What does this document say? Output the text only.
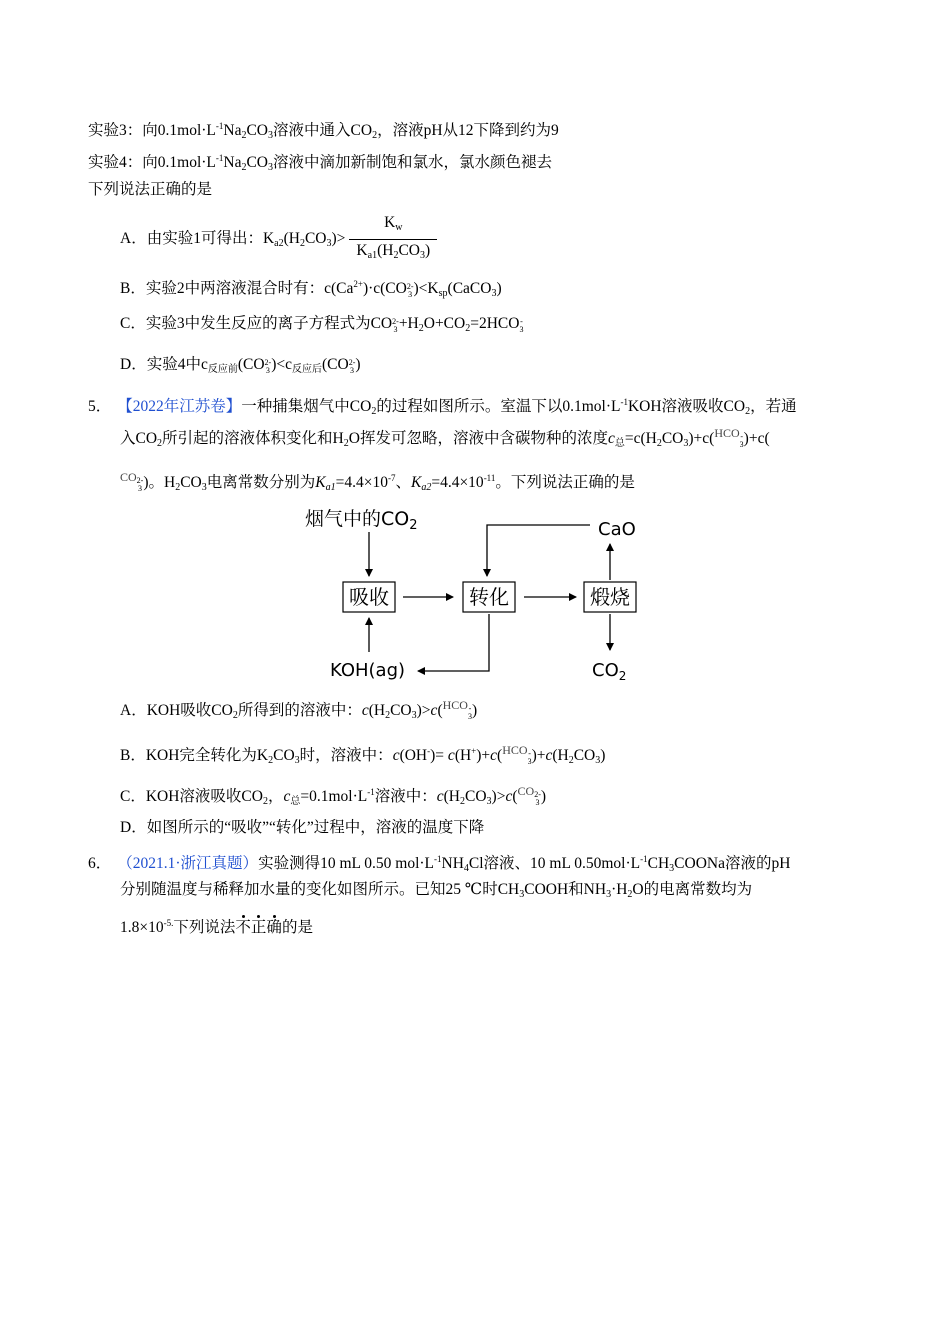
实验3：向$0.1mol\cdot L^{-1}Na_2CO_3$溶液中通入$CO_2$，溶液pH从12下降到约为9
实验4：向$0.1mol\cdot L^{-1}Na_2CO_3$溶液中滴加新制饱和氯水，氯水颜色褪去
下列说法正确的是
A．由实验1可得出：$K_{a2}(H_2CO_3)> \frac{K_w}{K_{a1}(H_2CO_3)}$
B．实验2中两溶液混合时有：$c(Ca^{2+})\cdot c(CO$ 2-
3 )$<K_{sp}(CaCO_3)$
C．实验3中发生反应的离子方程式为CO 2-
$3 +H_2O+CO_2=2HCO$ -
3
D．实验4中$c_{反应前}(CO$ 2-
3 )$<c_{反应后}(CO$ 2-
3 )
5． 【2022年江苏卷】一种捕集烟气中$CO_2$的过程如图所示。室温下以$0.1mol\cdot L^{-1}KOH$溶液吸收$CO_2$，若通
入$CO_2$所引起的溶液体积变化和$H_2O$挥发可忽略，溶液中含碳物种的浓度$c_总=c(H_2CO_3)+c(^{HCO}$ -
3 )+c(
$^{CO}$ 2-
3 )。$H_2CO_3$电离常数分别为$K_{a1}=4.4\times 10^{-7}$、$K_{a2}=4.4\times 10^{-11}$。下列说法正确的是
烟气中的$CO_2$
吸收	转化	煅烧
CaO
$CO_2$
KOH(ag)
A．KOH吸收$CO_2$所得到的溶液中：$c(H_2CO_3)>c(^{HCO}$ -
3 )
B．KOH完全转化为$K_2CO_3$时，溶液中：c(OH-)= c(H+)+c($^{HCO}$ -
3 )$+c(H_2CO_3)$
C．KOH溶液吸收$CO_2$，$c_总=0.1mol\cdot L^{-1}$溶液中：$c(H_2CO_3)>c(^{CO}$ 2-
3 )
D．如图所示的“吸收”“转化”过程中，溶液的温度下降
6． （2021.1·浙江真题）实验测得10 mL 0.50 $mol\cdot L^{-1}NH_4Cl$溶液、10 mL $0.50mol\cdot L^{-1}CH_3COONa$溶液的pH
分别随温度与稀释加水量的变化如图所示。已知25 ℃时$CH_3COOH$和$NH_3\cdot H_2O$的电离常数均为
$1.8\times 10^{-5.}$下列说法不正确的是
